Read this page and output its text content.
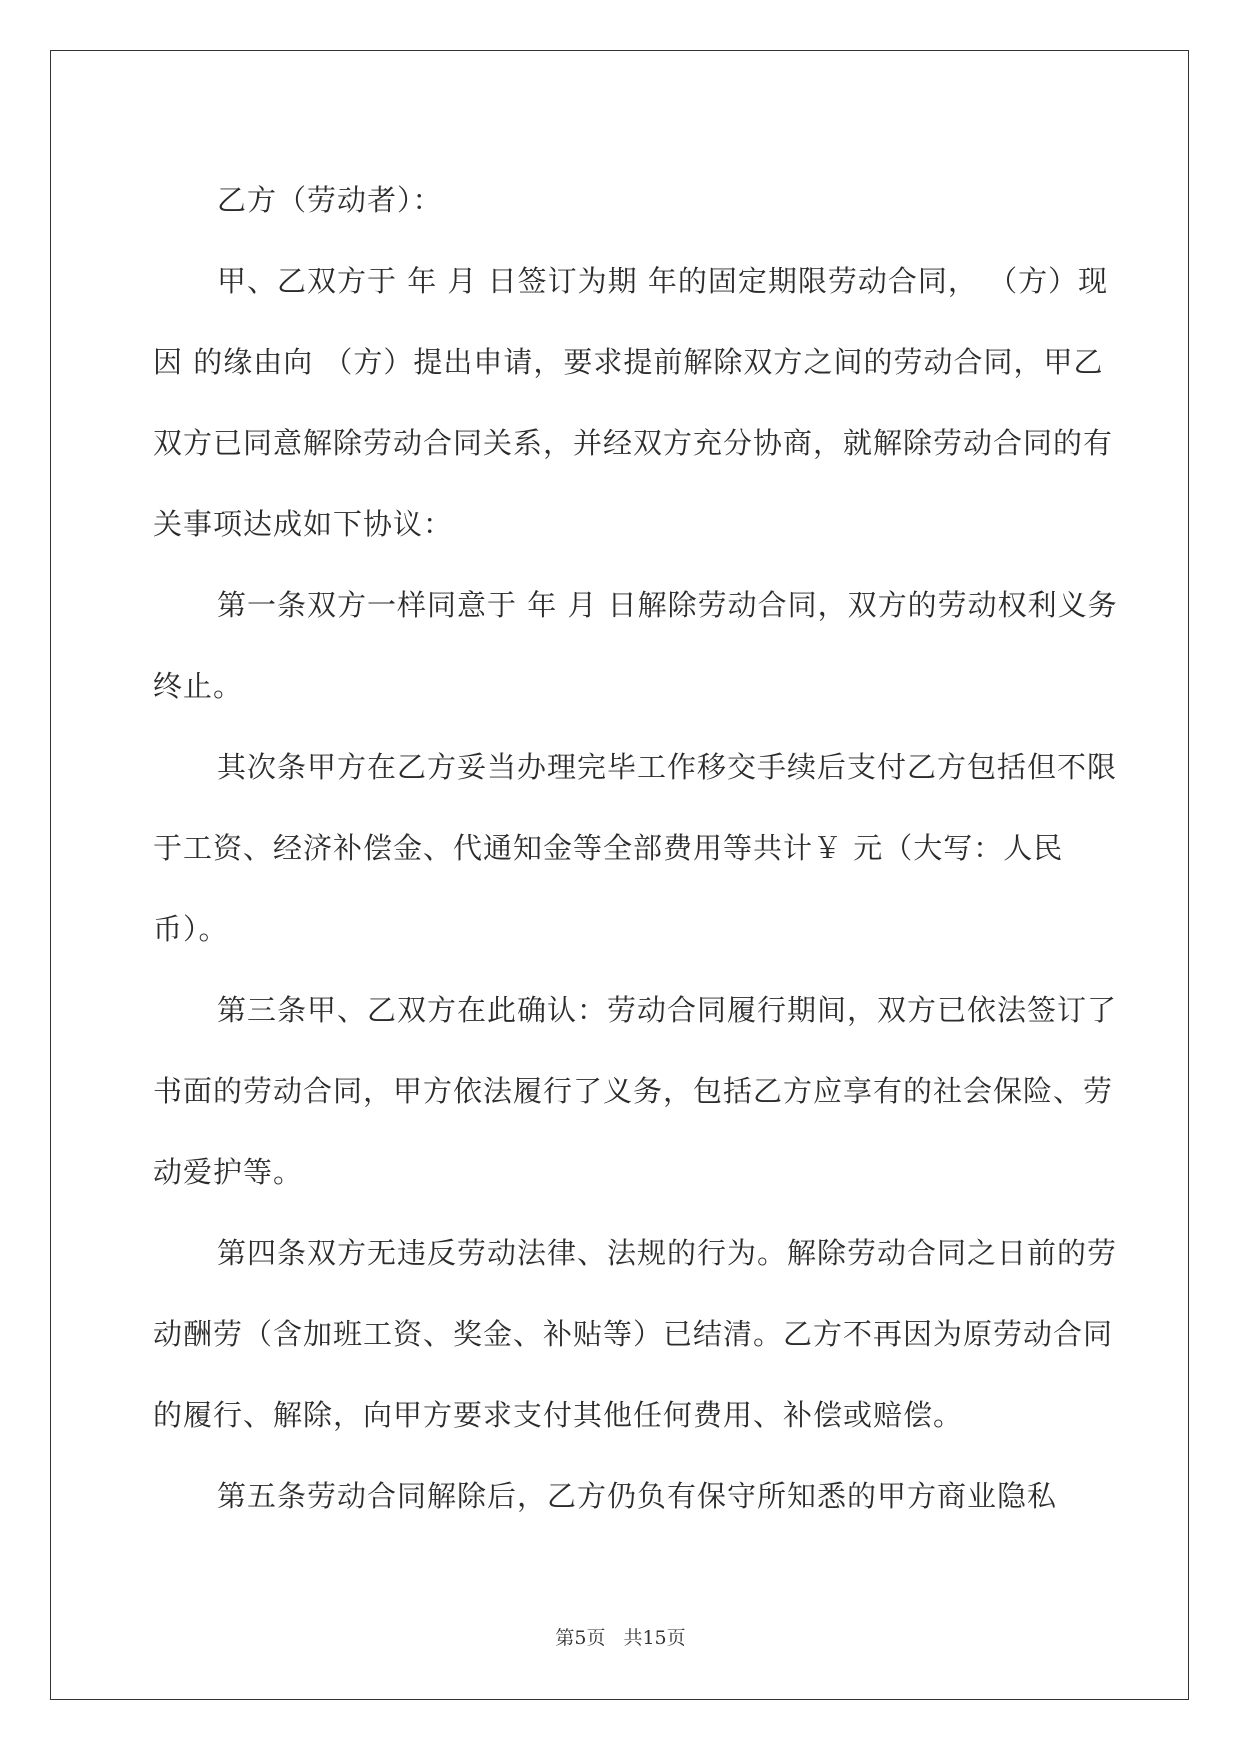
乙方（劳动者）：

甲、乙双方于 年 月 日签订为期 年的固定期限劳动合同， （方）现因 的缘由向 （方）提出申请，要求提前解除双方之间的劳动合同，甲乙双方已同意解除劳动合同关系，并经双方充分协商，就解除劳动合同的有关事项达成如下协议：

第一条双方一样同意于 年 月 日解除劳动合同，双方的劳动权利义务终止。

其次条甲方在乙方妥当办理完毕工作移交手续后支付乙方包括但不限于工资、经济补偿金、代通知金等全部费用等共计￥ 元（大写：人民币）。

第三条甲、乙双方在此确认：劳动合同履行期间，双方已依法签订了书面的劳动合同，甲方依法履行了义务，包括乙方应享有的社会保险、劳动爱护等。

第四条双方无违反劳动法律、法规的行为。解除劳动合同之日前的劳动酬劳（含加班工资、奖金、补贴等）已结清。乙方不再因为原劳动合同的履行、解除，向甲方要求支付其他任何费用、补偿或赔偿。

第五条劳动合同解除后，乙方仍负有保守所知悉的甲方商业隐私

第5页 共15页
